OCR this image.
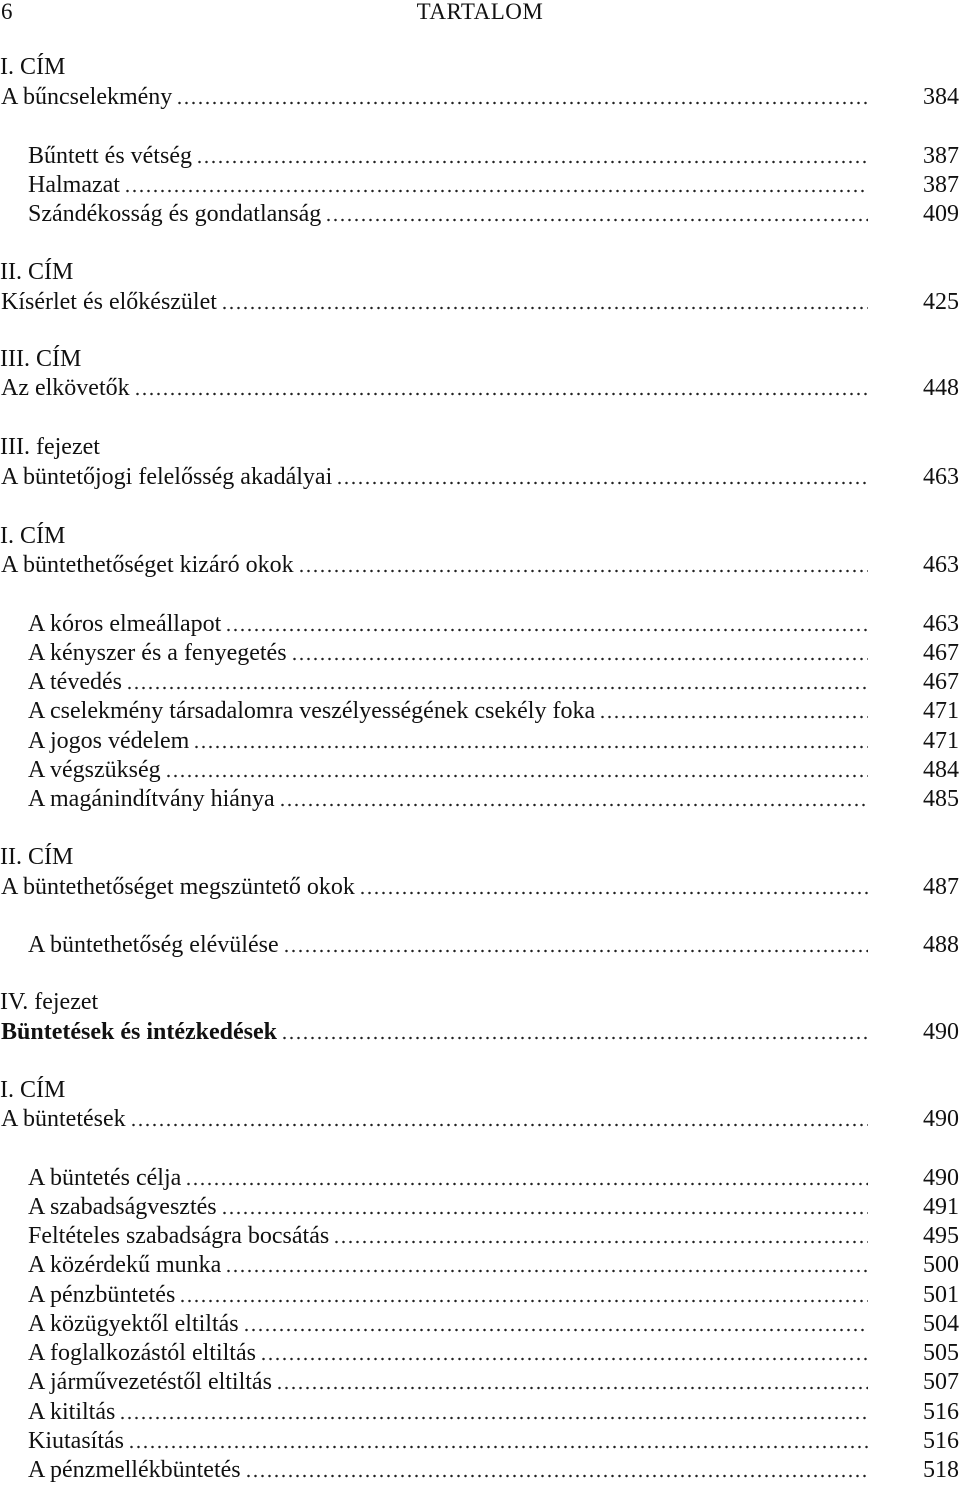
6	TARTALOM
I. CÍM
A bűncselekmény	384
Bűntett és vétség	387
Halmazat	387
Szándékosság és gondatlanság	409
II. CÍM
Kísérlet és előkészület	425
III. CÍM
Az elkövetők	448
III. fejezet
A büntetőjogi felelősség akadályai	463
I. CÍM
A büntethetőséget kizáró okok	463
A kóros elmeállapot	463
A kényszer és a fenyegetés	467
A tévedés	467
A cselekmény társadalomra veszélyességének csekély foka	471
A jogos védelem	471
A végszükség	484
A magánindítvány hiánya	485
II. CÍM
A büntethetőséget megszüntető okok	487
A büntethetőség elévülése	488
IV. fejezet
Büntetések és intézkedések	490
I. CÍM
A büntetések	490
A büntetés célja	490
A szabadságvesztés	491
Feltételes szabadságra bocsátás	495
A közérdekű munka	500
A pénzbüntetés	501
A közügyektől eltiltás	504
A foglalkozástól eltiltás	505
A járművezetéstől eltiltás	507
A kitiltás	516
Kiutasítás	516
A pénzmellékbüntetés	518
